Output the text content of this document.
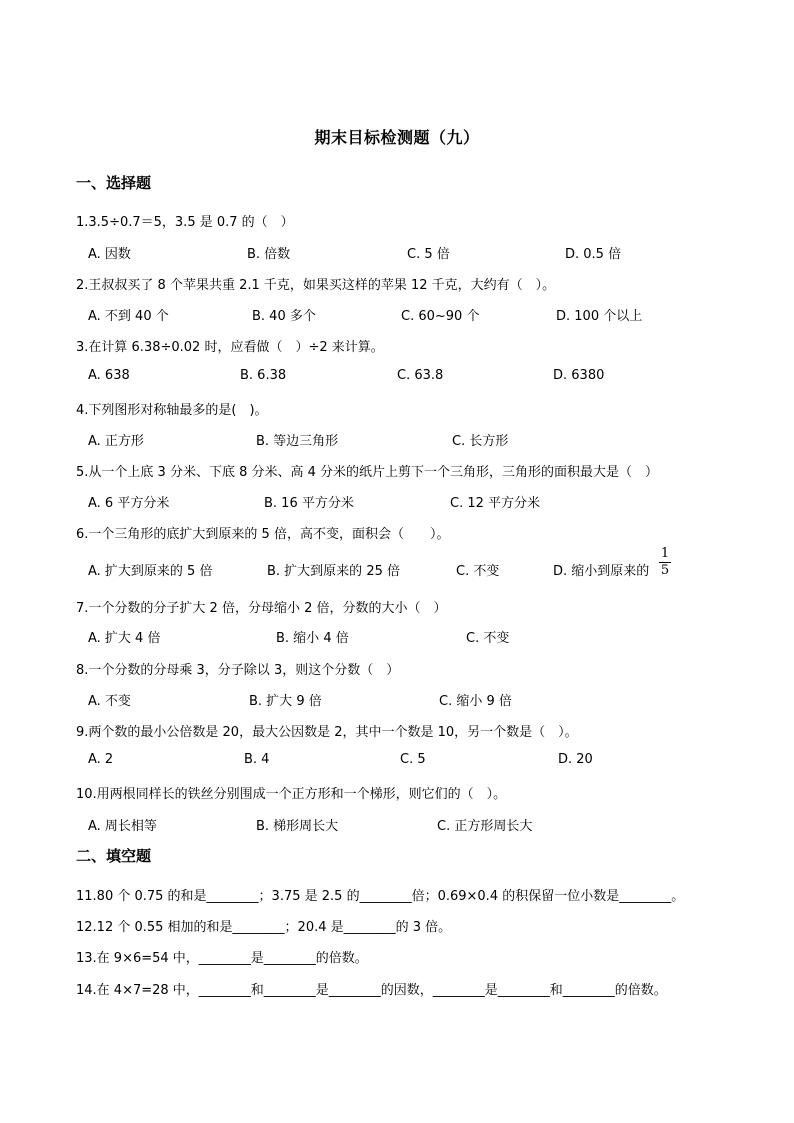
期末目标检测题（九）
一、选择题
1.3.5÷0.7＝5，3.5 是 0.7 的（　）
A. 因数	B. 倍数	C. 5 倍	D. 0.5 倍
2.王叔叔买了 8 个苹果共重 2.1 千克，如果买这样的苹果 12 千克，大约有（　）。
A. 不到 40 个	B. 40 多个	C. 60~90 个	D. 100 个以上
3.在计算 6.38÷0.02 时，应看做（　）÷2 来计算。
A. 638	B. 6.38	C. 63.8	D. 6380
4.下列图形对称轴最多的是(　)。
A. 正方形	B. 等边三角形	C. 长方形
5.从一个上底 3 分米、下底 8 分米、高 4 分米的纸片上剪下一个三角形，三角形的面积最大是（　）
A. 6 平方分米	B. 16 平方分米	C. 12 平方分米
6.一个三角形的底扩大到原来的 5 倍，高不变，面积会（　　）。
A. 扩大到原来的 5 倍	B. 扩大到原来的 25 倍	C. 不变	D. 缩小到原来的
1
5
7.一个分数的分子扩大 2 倍，分母缩小 2 倍，分数的大小（　）
A. 扩大 4 倍	B. 缩小 4 倍	C. 不变
8.一个分数的分母乘 3，分子除以 3，则这个分数（　）
A. 不变	B. 扩大 9 倍	C. 缩小 9 倍
9.两个数的最小公倍数是 20，最大公因数是 2，其中一个数是 10，另一个数是（　）。
A. 2	B. 4	C. 5	D. 20
10.用两根同样长的铁丝分别围成一个正方形和一个梯形，则它们的（　）。
A. 周长相等	B. 梯形周长大	C. 正方形周长大
二、填空题
11.80 个 0.75 的和是________；3.75 是 2.5 的________倍；0.69×0.4 的积保留一位小数是________。
12.12 个 0.55 相加的和是________；20.4 是________的 3 倍。
13.在 9×6=54 中，________是________的倍数。
14.在 4×7=28 中，________和________是________的因数，________是________和________的倍数。
